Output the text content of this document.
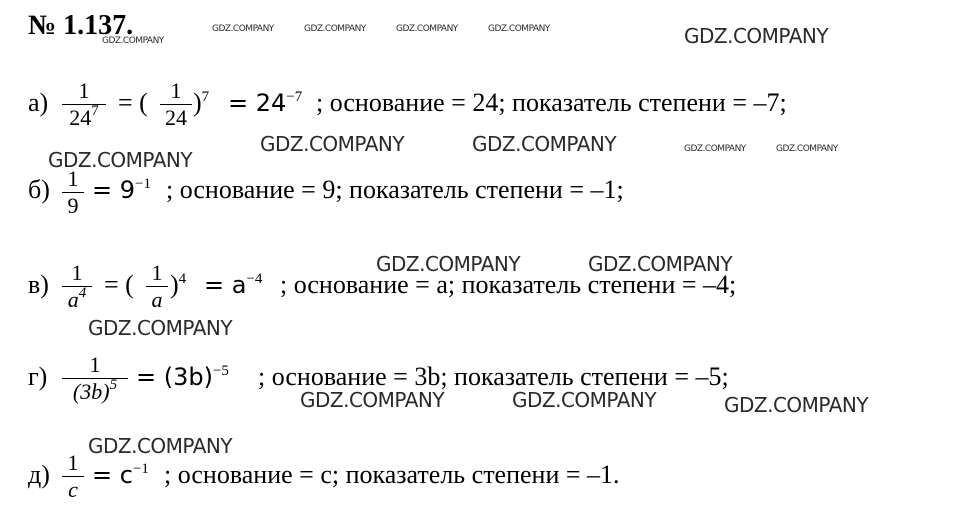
№ 1.137.
а)	1
$24^7$ = (	1
24
)$^7 = 24^{-7}$ ; основание = 24; показатель степени = –7;
б) 1
9
= $9^{-1}$ ; основание = 9; показатель степени = –1;
в)	1
$a^4$ = ( 1
a
)$^4 = a^{-4}$ ; основание = а; показатель степени = –4;
г)	1
$(3b)^5 = (3b)^{-5}$ ; основание = 3b; показатель степени = –5;
д) 1
c
= $c^{-1}$ ; основание = с; показатель степени = –1.
GDZ.COMPANY
GDZ.COMPANY	GDZ.COMPANY	GDZ.COMPANY	GDZ.COMPANY	GDZ.COMPANY
GDZ.COMPANY	GDZ.COMPANY	GDZ.COMPANY	GDZ.COMPANY
GDZ.COMPANY
GDZ.COMPANY	GDZ.COMPANY
GDZ.COMPANY
GDZ.COMPANY	GDZ.COMPANY	GDZ.COMPANY
GDZ.COMPANY
